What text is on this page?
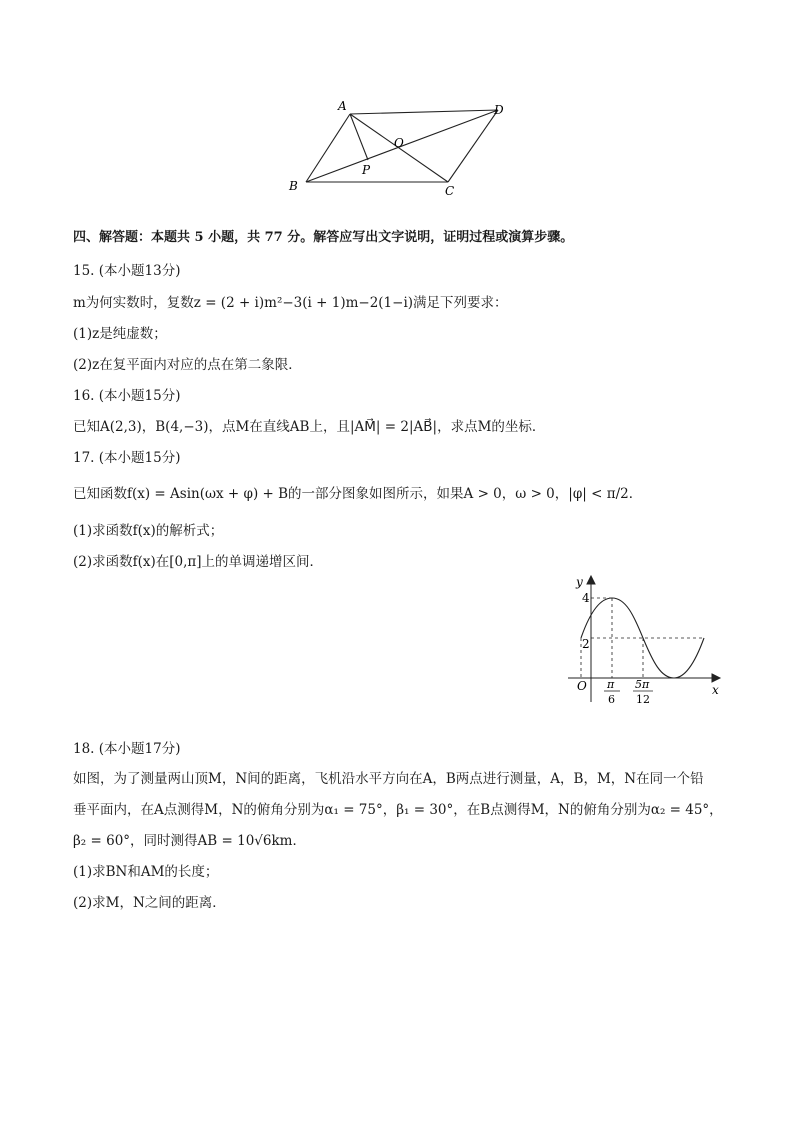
A	D
O
P
B	C
四、解答题：本题共 5 小题，共 77 分。解答应写出文字说明，证明过程或演算步骤。
15. (本小题13分)
m为何实数时，复数z = (2 + i)m²−3(i + 1)m−2(1−i)满足下列要求：
(1)z是纯虚数；
(2)z在复平面内对应的点在第二象限．
16. (本小题15分)
已知A(2,3)，B(4,−3)，点M在直线AB上，且|AM⃗| = 2|AB⃗|，求点M的坐标．
17. (本小题15分)
已知函数f(x) = Asin(ωx + φ) + B的一部分图象如图所示，如果A > 0，ω > 0，|φ| < π/2．
(1)求函数f(x)的解析式；
(2)求函数f(x)在[0,π]上的单调递增区间．
y
x
O
4
2
π
6
5π
12
18. (本小题17分)
如图，为了测量两山顶M，N间的距离，飞机沿水平方向在A，B两点进行测量，A，B，M，N在同一个铅
垂平面内，在A点测得M，N的俯角分别为α₁ = 75°，β₁ = 30°，在B点测得M，N的俯角分别为α₂ = 45°，
β₂ = 60°，同时测得AB = 10√6km．
(1)求BN和AM的长度；
(2)求M，N之间的距离．
